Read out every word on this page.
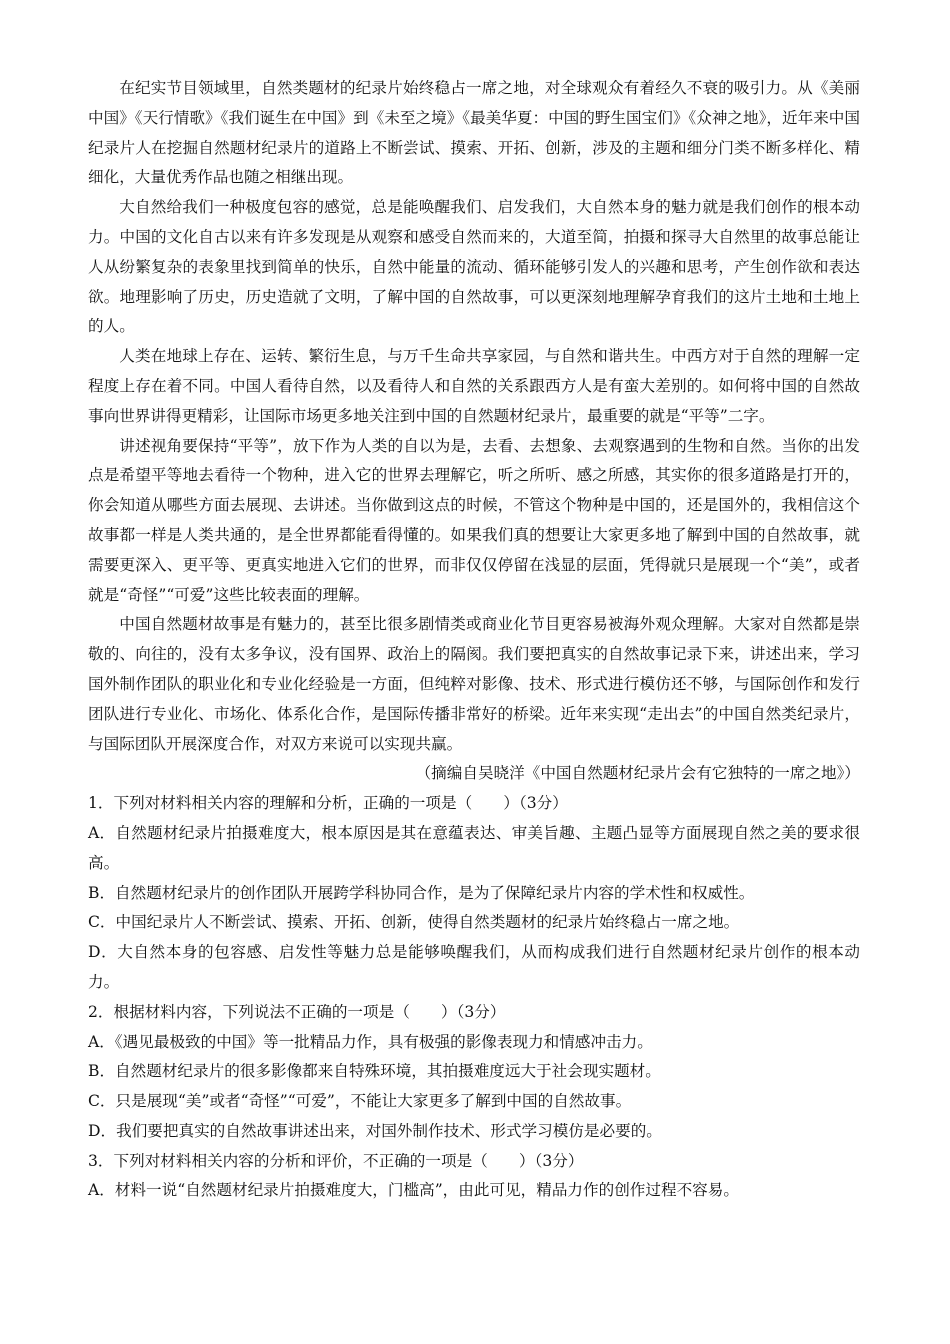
在纪实节目领域里，自然类题材的纪录片始终稳占一席之地，对全球观众有着经久不衰的吸引力。从《美丽中国》《天行情歌》《我们诞生在中国》到《未至之境》《最美华夏：中国的野生国宝们》《众神之地》，近年来中国纪录片人在挖掘自然题材纪录片的道路上不断尝试、摸索、开拓、创新，涉及的主题和细分门类不断多样化、精细化，大量优秀作品也随之相继出现。

大自然给我们一种极度包容的感觉，总是能唤醒我们、启发我们，大自然本身的魅力就是我们创作的根本动力。中国的文化自古以来有许多发现是从观察和感受自然而来的，大道至简，拍摄和探寻大自然里的故事总能让人从纷繁复杂的表象里找到简单的快乐，自然中能量的流动、循环能够引发人的兴趣和思考，产生创作欲和表达欲。地理影响了历史，历史造就了文明，了解中国的自然故事，可以更深刻地理解孕育我们的这片土地和土地上的人。

人类在地球上存在、运转、繁衍生息，与万千生命共享家园，与自然和谐共生。中西方对于自然的理解一定程度上存在着不同。中国人看待自然，以及看待人和自然的关系跟西方人是有蛮大差别的。如何将中国的自然故事向世界讲得更精彩，让国际市场更多地关注到中国的自然题材纪录片，最重要的就是“平等”二字。

讲述视角要保持“平等”，放下作为人类的自以为是，去看、去想象、去观察遇到的生物和自然。当你的出发点是希望平等地去看待一个物种，进入它的世界去理解它，听之所听、感之所感，其实你的很多道路是打开的，你会知道从哪些方面去展现、去讲述。当你做到这点的时候，不管这个物种是中国的，还是国外的，我相信这个故事都一样是人类共通的，是全世界都能看得懂的。如果我们真的想要让大家更多地了解到中国的自然故事，就需要更深入、更平等、更真实地进入它们的世界，而非仅仅停留在浅显的层面，凭得就只是展现一个“美”，或者就是“奇怪”“可爱”这些比较表面的理解。

中国自然题材故事是有魅力的，甚至比很多剧情类或商业化节目更容易被海外观众理解。大家对自然都是崇敬的、向往的，没有太多争议，没有国界、政治上的隔阂。我们要把真实的自然故事记录下来，讲述出来，学习国外制作团队的职业化和专业化经验是一方面，但纯粹对影像、技术、形式进行模仿还不够，与国际创作和发行团队进行专业化、市场化、体系化合作，是国际传播非常好的桥梁。近年来实现“走出去”的中国自然类纪录片，与国际团队开展深度合作，对双方来说可以实现共赢。

（摘编自吴晓洋《中国自然题材纪录片会有它独特的一席之地》）

1．下列对材料相关内容的理解和分析，正确的一项是（　　）（3分）

A．自然题材纪录片拍摄难度大，根本原因是其在意蕴表达、审美旨趣、主题凸显等方面展现自然之美的要求很高。

B．自然题材纪录片的创作团队开展跨学科协同合作，是为了保障纪录片内容的学术性和权威性。

C．中国纪录片人不断尝试、摸索、开拓、创新，使得自然类题材的纪录片始终稳占一席之地。

D．大自然本身的包容感、启发性等魅力总是能够唤醒我们，从而构成我们进行自然题材纪录片创作的根本动力。

2．根据材料内容，下列说法不正确的一项是（　　）（3分）

A．《遇见最极致的中国》等一批精品力作，具有极强的影像表现力和情感冲击力。

B．自然题材纪录片的很多影像都来自特殊环境，其拍摄难度远大于社会现实题材。

C．只是展现“美”或者“奇怪”“可爱”，不能让大家更多了解到中国的自然故事。

D．我们要把真实的自然故事讲述出来，对国外制作技术、形式学习模仿是必要的。

3．下列对材料相关内容的分析和评价，不正确的一项是（　　）（3分）

A．材料一说“自然题材纪录片拍摄难度大，门槛高”，由此可见，精品力作的创作过程不容易。
